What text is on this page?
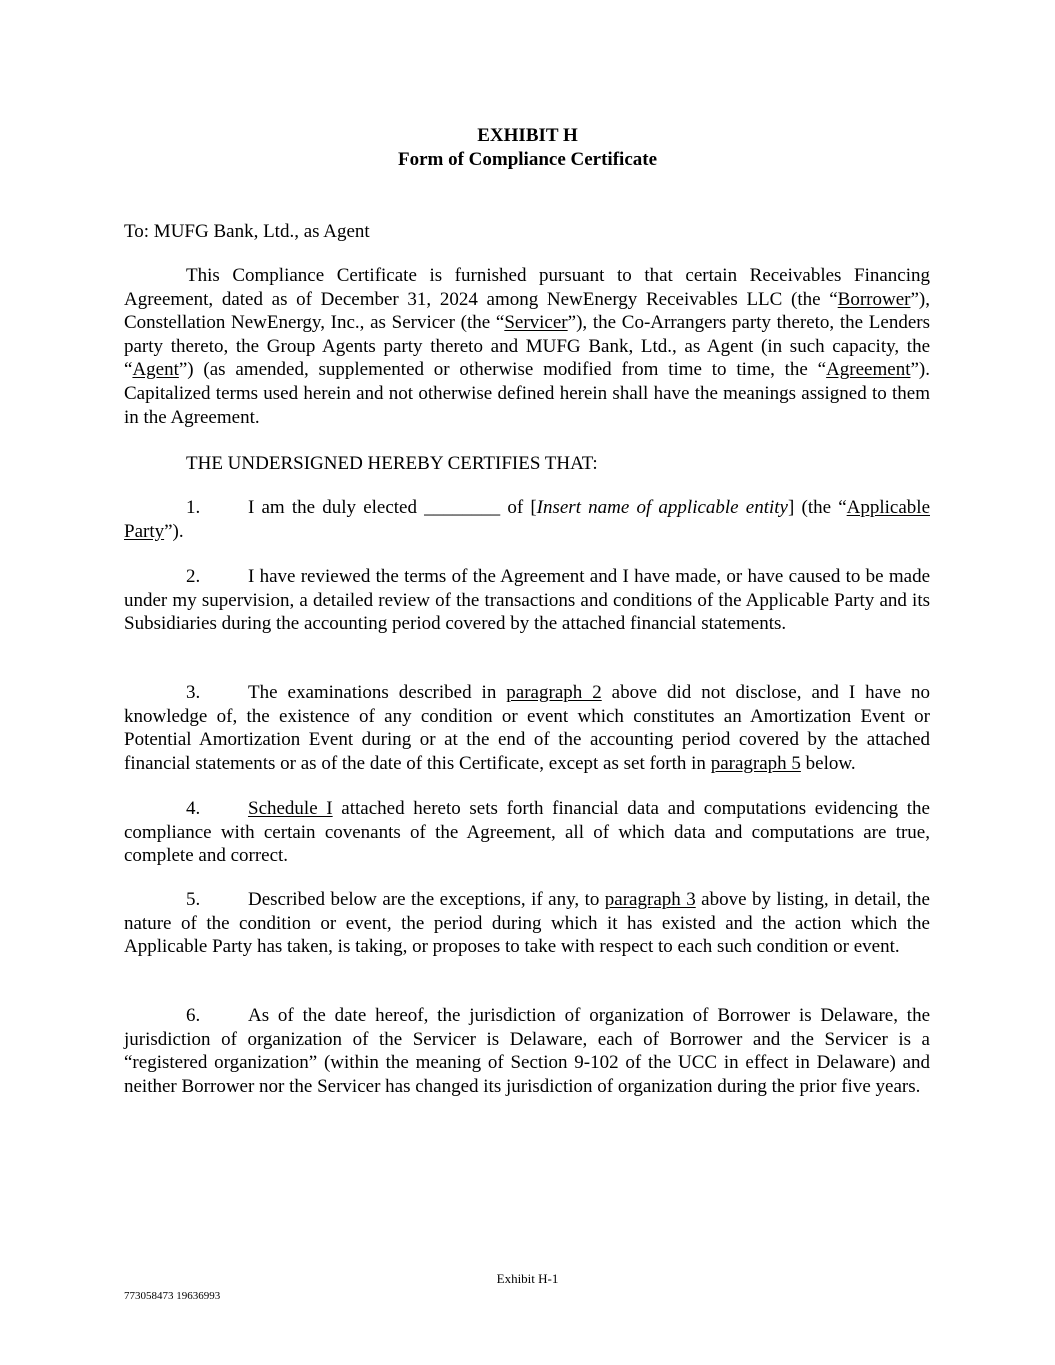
EXHIBIT H
Form of Compliance Certificate
To: MUFG Bank, Ltd., as Agent
This Compliance Certificate is furnished pursuant to that certain Receivables Financing Agreement, dated as of December 31, 2024 among NewEnergy Receivables LLC (the “Borrower”), Constellation NewEnergy, Inc., as Servicer (the “Servicer”), the Co-Arrangers party thereto, the Lenders party thereto, the Group Agents party thereto and MUFG Bank, Ltd., as Agent (in such capacity, the “Agent”) (as amended, supplemented or otherwise modified from time to time, the “Agreement”). Capitalized terms used herein and not otherwise defined herein shall have the meanings assigned to them in the Agreement.
THE UNDERSIGNED HEREBY CERTIFIES THAT:
1.	I am the duly elected ________ of [Insert name of applicable entity] (the “Applicable Party”).
2.	I have reviewed the terms of the Agreement and I have made, or have caused to be made under my supervision, a detailed review of the transactions and conditions of the Applicable Party and its Subsidiaries during the accounting period covered by the attached financial statements.
3.	The examinations described in paragraph 2 above did not disclose, and I have no knowledge of, the existence of any condition or event which constitutes an Amortization Event or Potential Amortization Event during or at the end of the accounting period covered by the attached financial statements or as of the date of this Certificate, except as set forth in paragraph 5 below.
4.	Schedule I attached hereto sets forth financial data and computations evidencing the compliance with certain covenants of the Agreement, all of which data and computations are true, complete and correct.
5.	Described below are the exceptions, if any, to paragraph 3 above by listing, in detail, the nature of the condition or event, the period during which it has existed and the action which the Applicable Party has taken, is taking, or proposes to take with respect to each such condition or event.
6.	As of the date hereof, the jurisdiction of organization of Borrower is Delaware, the jurisdiction of organization of the Servicer is Delaware, each of Borrower and the Servicer is a “registered organization” (within the meaning of Section 9-102 of the UCC in effect in Delaware) and neither Borrower nor the Servicer has changed its jurisdiction of organization during the prior five years.
Exhibit H-1
773058473 19636993
